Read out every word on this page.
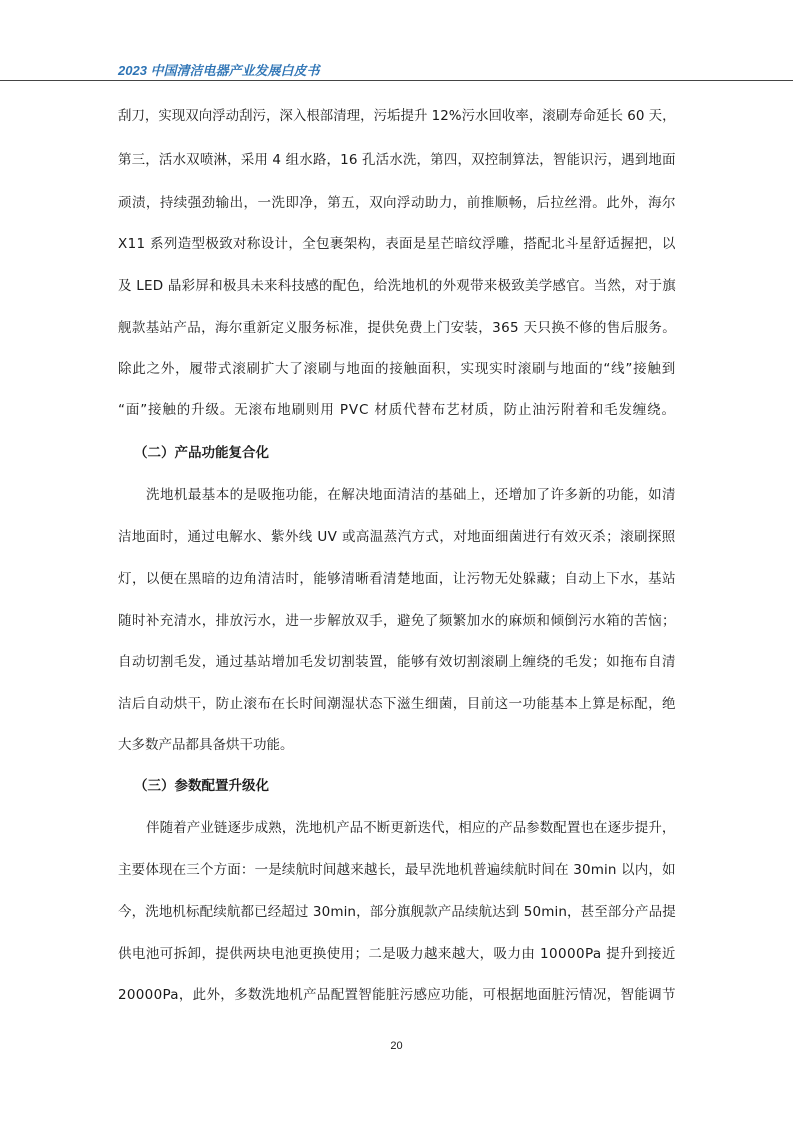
2023 中国清洁电器产业发展白皮书
刮刀，实现双向浮动刮污，深入根部清理，污垢提升 12%污水回收率，滚刷寿命延长 60 天，
第三，活水双喷淋，采用 4 组水路，16 孔活水洗，第四，双控制算法，智能识污，遇到地面
顽渍，持续强劲输出，一洗即净，第五，双向浮动助力，前推顺畅，后拉丝滑。此外，海尔
X11 系列造型极致对称设计，全包裹架构，表面是星芒暗纹浮雕，搭配北斗星舒适握把，以
及 LED 晶彩屏和极具未来科技感的配色，给洗地机的外观带来极致美学感官。当然，对于旗
舰款基站产品，海尔重新定义服务标准，提供免费上门安装，365 天只换不修的售后服务。
除此之外，履带式滚刷扩大了滚刷与地面的接触面积，实现实时滚刷与地面的“线”接触到
“面”接触的升级。无滚布地刷则用 PVC 材质代替布艺材质，防止油污附着和毛发缠绕。
（二）产品功能复合化
洗地机最基本的是吸拖功能，在解决地面清洁的基础上，还增加了许多新的功能，如清
洁地面时，通过电解水、紫外线 UV 或高温蒸汽方式，对地面细菌进行有效灭杀；滚刷探照
灯，以便在黑暗的边角清洁时，能够清晰看清楚地面，让污物无处躲藏；自动上下水，基站
随时补充清水，排放污水，进一步解放双手，避免了频繁加水的麻烦和倾倒污水箱的苦恼；
自动切割毛发，通过基站增加毛发切割装置，能够有效切割滚刷上缠绕的毛发；如拖布自清
洁后自动烘干，防止滚布在长时间潮湿状态下滋生细菌，目前这一功能基本上算是标配，绝
大多数产品都具备烘干功能。
（三）参数配置升级化
伴随着产业链逐步成熟，洗地机产品不断更新迭代，相应的产品参数配置也在逐步提升，
主要体现在三个方面：一是续航时间越来越长，最早洗地机普遍续航时间在 30min 以内，如
今，洗地机标配续航都已经超过 30min，部分旗舰款产品续航达到 50min，甚至部分产品提
供电池可拆卸，提供两块电池更换使用；二是吸力越来越大，吸力由 10000Pa 提升到接近
20000Pa，此外，多数洗地机产品配置智能脏污感应功能，可根据地面脏污情况，智能调节
20
